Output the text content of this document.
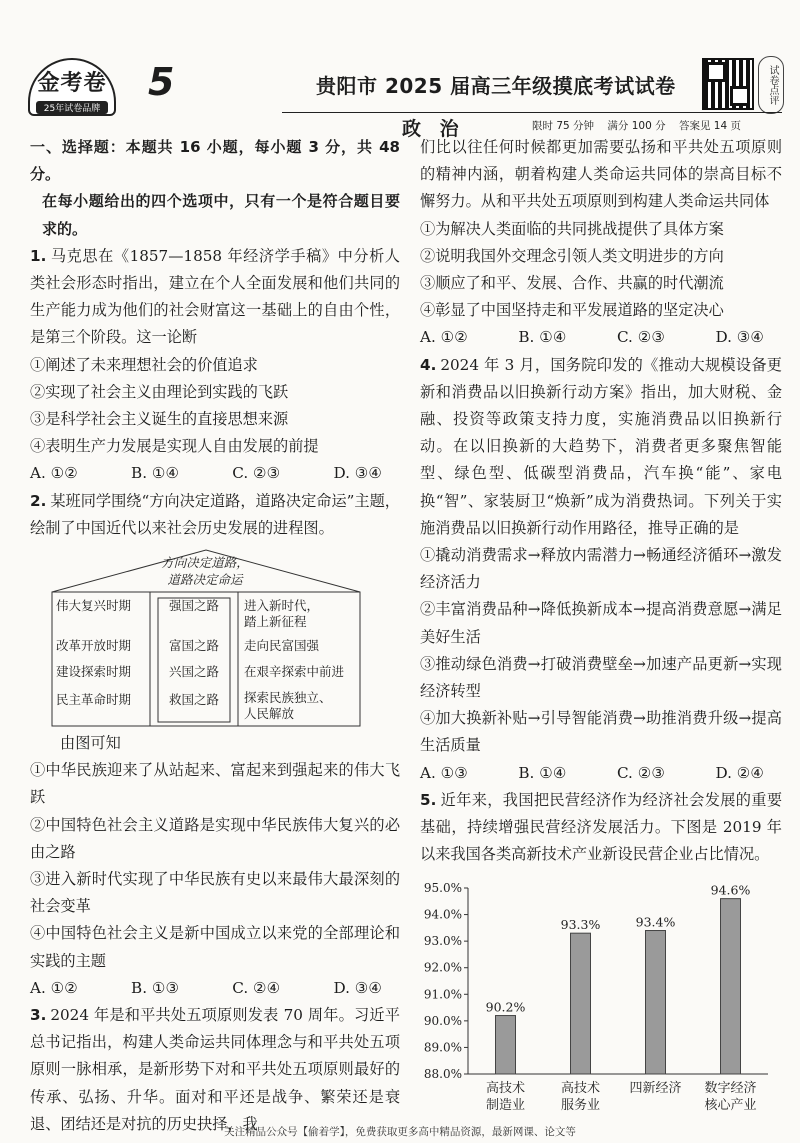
金考卷
25年试卷品牌
5	贵阳市 2025 届高三年级摸底考试试卷	试卷点评
政 治	限时 75 分钟 满分 100 分 答案见 14 页

一、选择题：本题共 16 小题，每小题 3 分，共 48 分。

在每小题给出的四个选项中，只有一个是符合题目要求的。

1. 马克思在《1857—1858 年经济学手稿》中分析人类社会形态时指出，建立在个人全面发展和他们共同的生产能力成为他们的社会财富这一基础上的自由个性，是第三个阶段。这一论断

①阐述了未来理想社会的价值追求

②实现了社会主义由理论到实践的飞跃

③是科学社会主义诞生的直接思想来源

④表明生产力发展是实现人自由发展的前提

A. ①②	B. ①④	C. ②③	D. ③④

2. 某班同学围绕“方向决定道路，道路决定命运”主题，绘制了中国近代以来社会历史发展的进程图。

方向决定道路，
道路决定命运
伟大复兴时期	强国之路	进入新时代，
踏上新征程
改革开放时期	富国之路	走向民富国强
建设探索时期	兴国之路	在艰辛探索中前进
民主革命时期	救国之路	探索民族独立、
人民解放

由图可知

①中华民族迎来了从站起来、富起来到强起来的伟大飞跃

②中国特色社会主义道路是实现中华民族伟大复兴的必由之路

③进入新时代实现了中华民族有史以来最伟大最深刻的社会变革

④中国特色社会主义是新中国成立以来党的全部理论和实践的主题

A. ①②	B. ①③	C. ②④	D. ③④

3. 2024 年是和平共处五项原则发表 70 周年。习近平总书记指出，构建人类命运共同体理念与和平共处五项原则一脉相承，是新形势下对和平共处五项原则最好的传承、弘扬、升华。面对和平还是战争、繁荣还是衰退、团结还是对抗的历史抉择，我

们比以往任何时候都更加需要弘扬和平共处五项原则的精神内涵，朝着构建人类命运共同体的崇高目标不懈努力。从和平共处五项原则到构建人类命运共同体

①为解决人类面临的共同挑战提供了具体方案

②说明我国外交理念引领人类文明进步的方向

③顺应了和平、发展、合作、共赢的时代潮流

④彰显了中国坚持走和平发展道路的坚定决心

A. ①②	B. ①④	C. ②③	D. ③④

4. 2024 年 3 月，国务院印发的《推动大规模设备更新和消费品以旧换新行动方案》指出，加大财税、金融、投资等政策支持力度，实施消费品以旧换新行动。在以旧换新的大趋势下，消费者更多聚焦智能型、绿色型、低碳型消费品，汽车换“能”、家电换“智”、家装厨卫“焕新”成为消费热词。下列关于实施消费品以旧换新行动作用路径，推导正确的是

①撬动消费需求→释放内需潜力→畅通经济循环→激发经济活力

②丰富消费品种→降低换新成本→提高消费意愿→满足美好生活

③推动绿色消费→打破消费壁垒→加速产品更新→实现经济转型

④加大换新补贴→引导智能消费→助推消费升级→提高生活质量

A. ①③	B. ①④	C. ②③	D. ②④

5. 近年来，我国把民营经济作为经济社会发展的重要基础，持续增强民营经济发展活力。下图是 2019 年以来我国各类高新技术产业新设民营企业占比情况。

88.0%
89.0%
90.0%
91.0%
92.0%
93.0%
94.0%
95.0%
90.2%
高技术
制造业
93.3%
高技术
服务业
93.4%
四新经济
94.6%
数字经济
核心产业
关注精品公众号【偷着学】，免费获取更多高中精品资源，最新网课、论文等
